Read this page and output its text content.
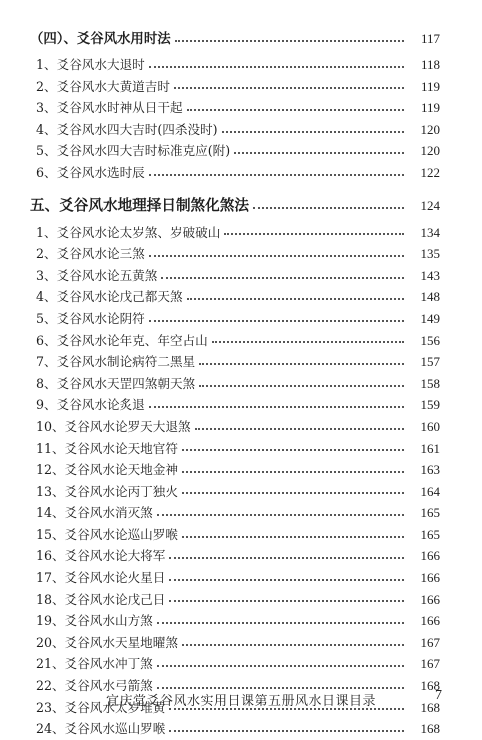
（四）、爻谷风水用时法	117
1、爻谷风水大退时	118
2、爻谷风水大黄道吉时	119
3、爻谷风水时神从日干起	119
4、爻谷风水四大吉时(四杀没时)	120
5、爻谷风水四大吉时标准克应(附)	120
6、爻谷风水选时辰	122
五、爻谷风水地理择日制煞化煞法	124
1、爻谷风水论太岁煞、岁破破山	134
2、爻谷风水论三煞	135
3、爻谷风水论五黄煞	143
4、爻谷风水论戊己都天煞	148
5、爻谷风水论阴符	149
6、爻谷风水论年克、年空占山	156
7、爻谷风水制论病符二黑星	157
8、爻谷风水天罡四煞朝天煞	158
9、爻谷风水论炙退	159
10、爻谷风水论罗天大退煞	160
11、爻谷风水论天地官符	161
12、爻谷风水论天地金神	163
13、爻谷风水论丙丁独火	164
14、爻谷风水消灭煞	165
15、爻谷风水论巡山罗喉	165
16、爻谷风水论大将军	166
17、爻谷风水论火星日	166
18、爻谷风水论戊己日	166
19、爻谷风水山方煞	166
20、爻谷风水天星地曜煞	167
21、爻谷风水冲丁煞	167
22、爻谷风水弓箭煞	168
23、爻谷风水太岁堆黄	168
24、爻谷风水巡山罗喉	168
宜庆堂爻谷风水实用日课第五册风水日课目录	7
